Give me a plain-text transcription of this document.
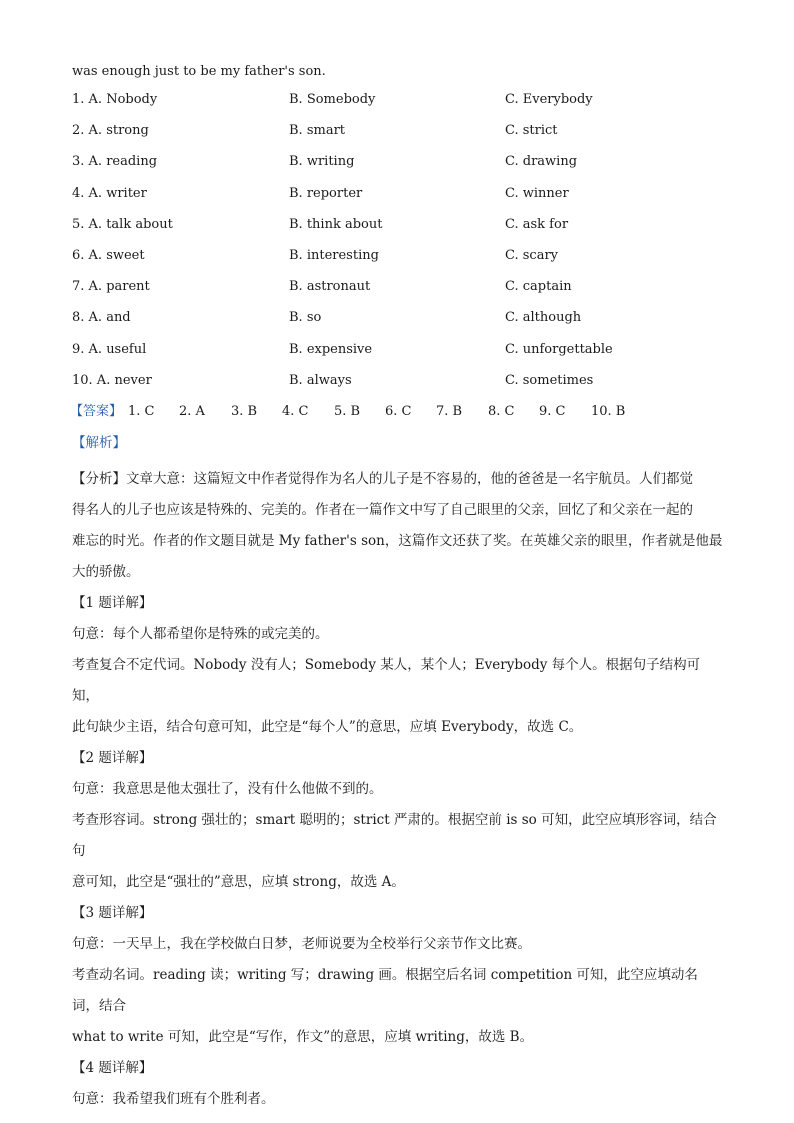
was enough just to be my father's son.
1. A. Nobody	B. Somebody	C. Everybody
2. A. strong	B. smart	C. strict
3. A. reading	B. writing	C. drawing
4. A. writer	B. reporter	C. winner
5. A. talk about	B. think about	C. ask for
6. A. sweet	B. interesting	C. scary
7. A. parent	B. astronaut	C. captain
8. A. and	B. so	C. although
9. A. useful	B. expensive	C. unforgettable
10. A. never	B. always	C. sometimes
【答案】 1. C 2. A 3. B 4. C 5. B 6. C 7. B 8. C 9. C 10. B
【解析】
【分析】文章大意：这篇短文中作者觉得作为名人的儿子是不容易的，他的爸爸是一名宇航员。人们都觉
得名人的儿子也应该是特殊的、完美的。作者在一篇作文中写了自己眼里的父亲，回忆了和父亲在一起的
难忘的时光。作者的作文题目就是 My father's son，这篇作文还获了奖。在英雄父亲的眼里，作者就是他最
大的骄傲。
【1 题详解】
句意：每个人都希望你是特殊的或完美的。
考查复合不定代词。Nobody 没有人；Somebody 某人，某个人；Everybody 每个人。根据句子结构可知，
此句缺少主语，结合句意可知，此空是“每个人”的意思，应填 Everybody，故选 C。
【2 题详解】
句意：我意思是他太强壮了，没有什么他做不到的。
考查形容词。strong 强壮的；smart 聪明的；strict 严肃的。根据空前 is so 可知，此空应填形容词，结合句
意可知，此空是“强壮的”意思，应填 strong，故选 A。
【3 题详解】
句意：一天早上，我在学校做白日梦，老师说要为全校举行父亲节作文比赛。
考查动名词。reading 读；writing 写；drawing 画。根据空后名词 competition 可知，此空应填动名词，结合
what to write 可知，此空是“写作，作文”的意思，应填 writing，故选 B。
【4 题详解】
句意：我希望我们班有个胜利者。
